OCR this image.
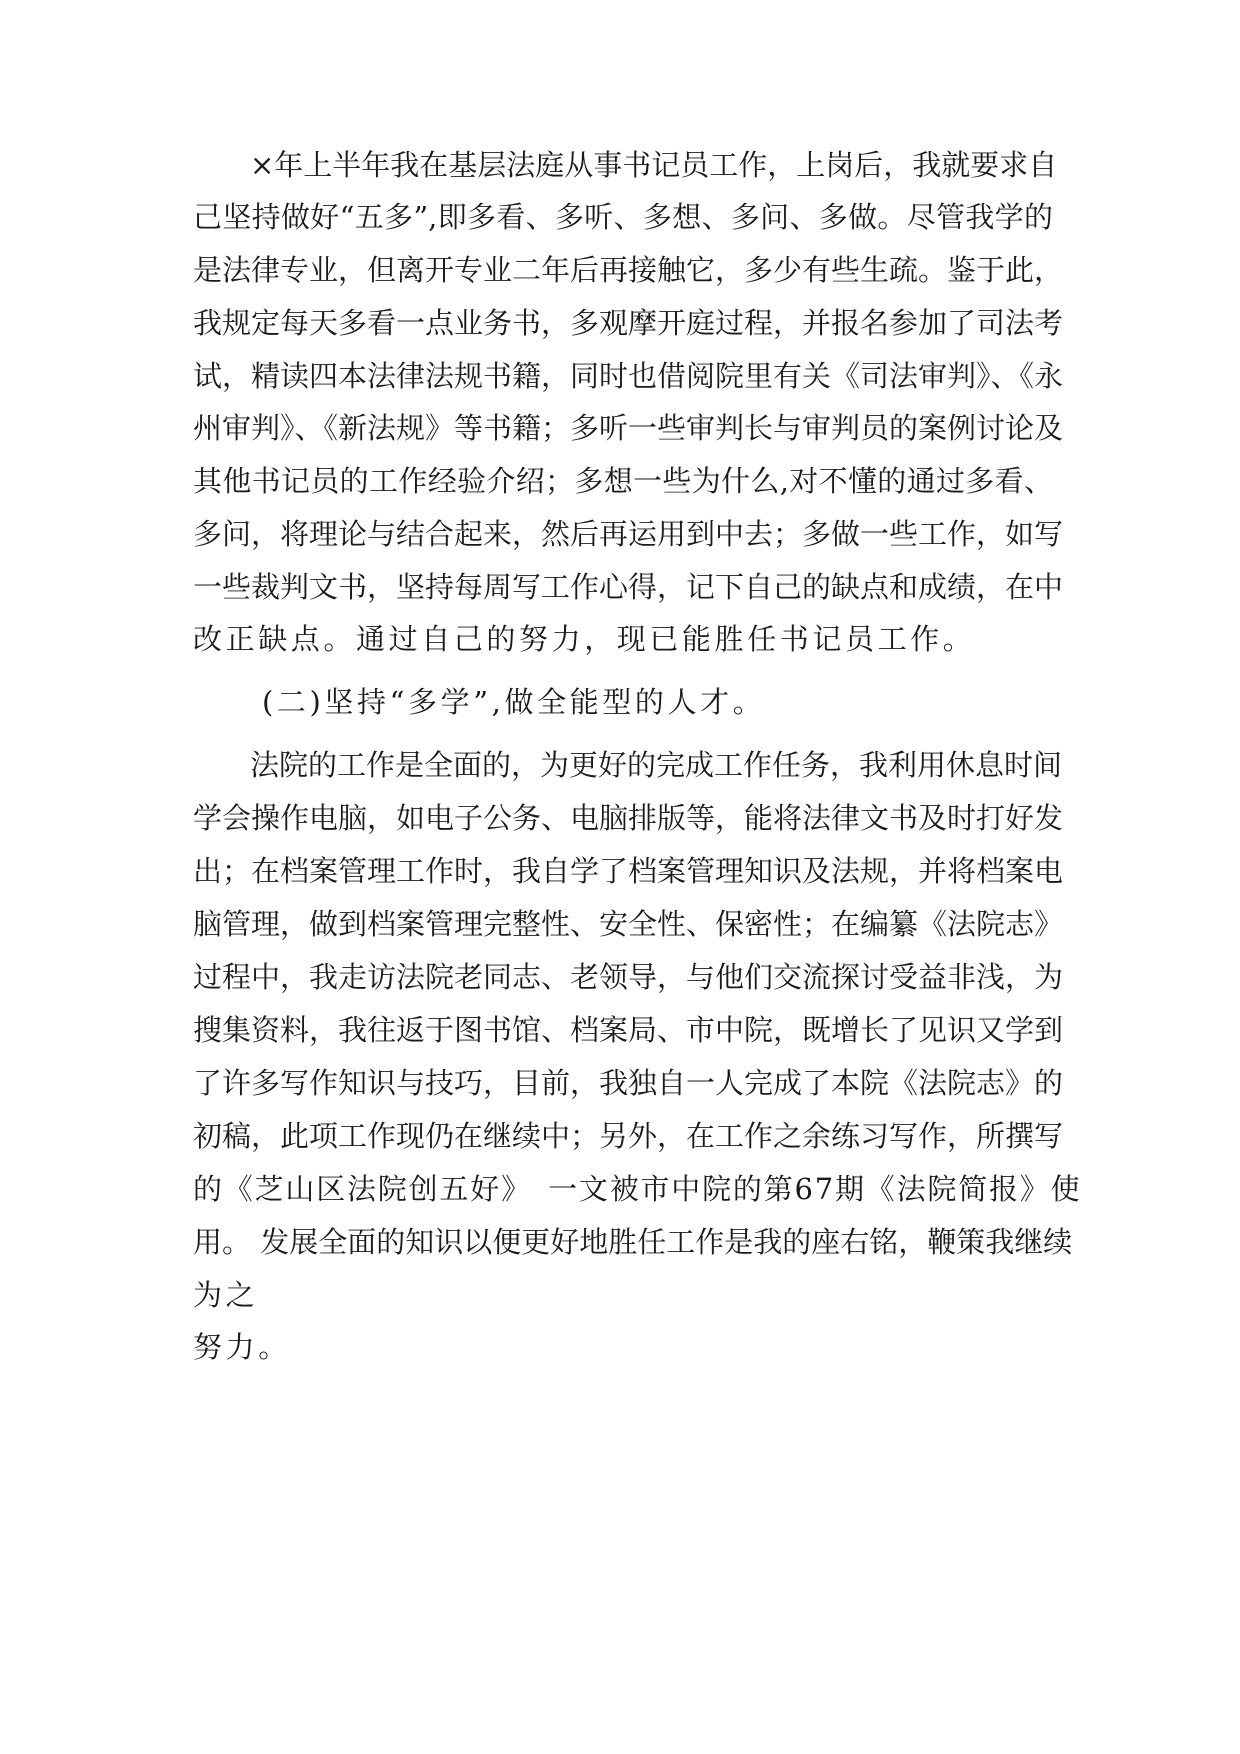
×年上半年我在基层法庭从事书记员工作，上岗后，我就要求自
己坚持做好“五多”,即多看、多听、多想、多问、多做。尽管我学的
是法律专业，但离开专业二年后再接触它，多少有些生疏。鉴于此，
我规定每天多看一点业务书，多观摩开庭过程，并报名参加了司法考
试，精读四本法律法规书籍，同时也借阅院里有关《司法审判》、《永
州审判》、《新法规》等书籍；多听一些审判长与审判员的案例讨论及
其他书记员的工作经验介绍；多想一些为什么,对不懂的通过多看、
多问，将理论与结合起来，然后再运用到中去；多做一些工作，如写
一些裁判文书，坚持每周写工作心得，记下自己的缺点和成绩，在中
改正缺点。通过自己的努力，现已能胜任书记员工作。
(二)坚持“多学”,做全能型的人才。
法院的工作是全面的，为更好的完成工作任务，我利用休息时间
学会操作电脑，如电子公务、电脑排版等，能将法律文书及时打好发
出；在档案管理工作时，我自学了档案管理知识及法规，并将档案电
脑管理，做到档案管理完整性、安全性、保密性；在编纂《法院志》
过程中，我走访法院老同志、老领导，与他们交流探讨受益非浅，为
搜集资料，我往返于图书馆、档案局、市中院，既增长了见识又学到
了许多写作知识与技巧，目前，我独自一人完成了本院《法院志》的
初稿，此项工作现仍在继续中；另外，在工作之余练习写作，所撰写
的《芝山区法院创五好》　一文被市中院的第67期《法院简报》使
用。 发展全面的知识以便更好地胜任工作是我的座右铭，鞭策我继续
为之
努力。
